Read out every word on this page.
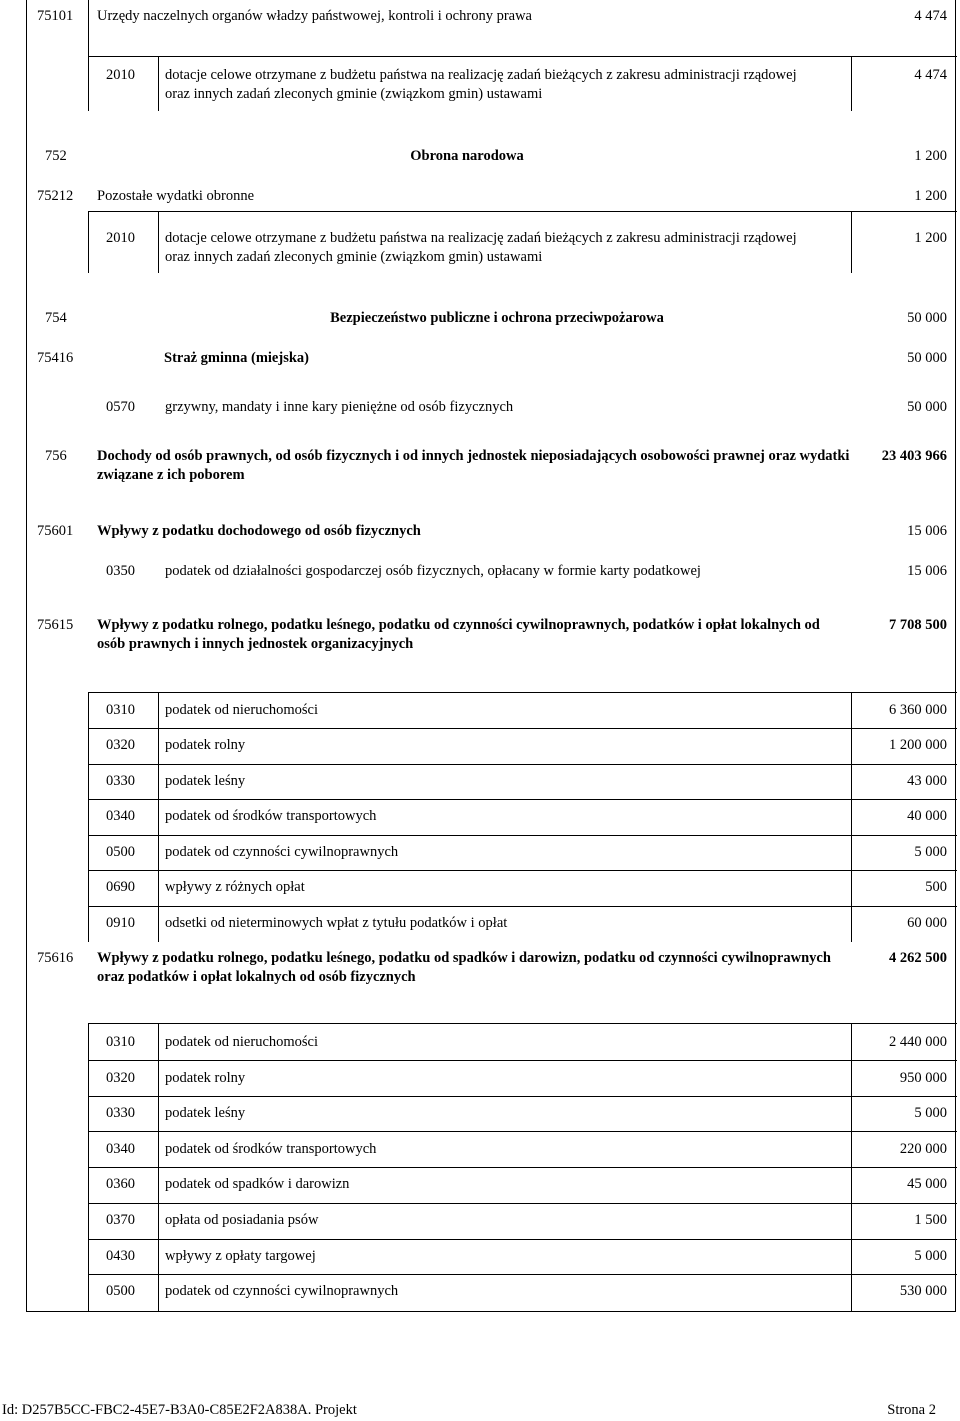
75101 Urzędy naczelnych organów władzy państwowej, kontroli i ochrony prawa	4 474
2010 dotacje celowe otrzymane z budżetu państwa na realizację zadań bieżących z zakresu administracji rządowej oraz innych zadań zleconych gminie (związkom gmin) ustawami
4 474
752	Obrona narodowa	1 200
75212 Pozostałe wydatki obronne	1 200
2010 dotacje celowe otrzymane z budżetu państwa na realizację zadań bieżących z zakresu administracji rządowej oraz innych zadań zleconych gminie (związkom gmin) ustawami
1 200
754	Bezpieczeństwo publiczne i ochrona przeciwpożarowa	50 000
75416	Straż gminna (miejska)	50 000
0570 grzywny, mandaty i inne kary pieniężne od osób fizycznych	50 000
756 Dochody od osób prawnych, od osób fizycznych i od innych jednostek nieposiadających osobowości prawnej oraz wydatki związane z ich poborem
23 403 966
75601 Wpływy z podatku dochodowego od osób fizycznych	15 006
0350 podatek od działalności gospodarczej osób fizycznych, opłacany w formie karty podatkowej	15 006
75615 Wpływy z podatku rolnego, podatku leśnego, podatku od czynności cywilnoprawnych, podatków i opłat lokalnych od osób prawnych i innych jednostek organizacyjnych
7 708 500
0310 podatek od nieruchomości	6 360 000
0320 podatek rolny	1 200 000
0330 podatek leśny	43 000
0340 podatek od środków transportowych	40 000
0500 podatek od czynności cywilnoprawnych	5 000
0690 wpływy z różnych opłat	500
0910 odsetki od nieterminowych wpłat z tytułu podatków i opłat	60 000
75616 Wpływy z podatku rolnego, podatku leśnego, podatku od spadków i darowizn, podatku od czynności cywilnoprawnych oraz podatków i opłat lokalnych od osób fizycznych
4 262 500
0310 podatek od nieruchomości	2 440 000
0320 podatek rolny	950 000
0330 podatek leśny	5 000
0340 podatek od środków transportowych	220 000
0360 podatek od spadków i darowizn	45 000
0370 opłata od posiadania psów	1 500
0430 wpływy z opłaty targowej	5 000
0500 podatek od czynności cywilnoprawnych	530 000
Id: D257B5CC-FBC2-45E7-B3A0-C85E2F2A838A. Projekt	Strona 2
